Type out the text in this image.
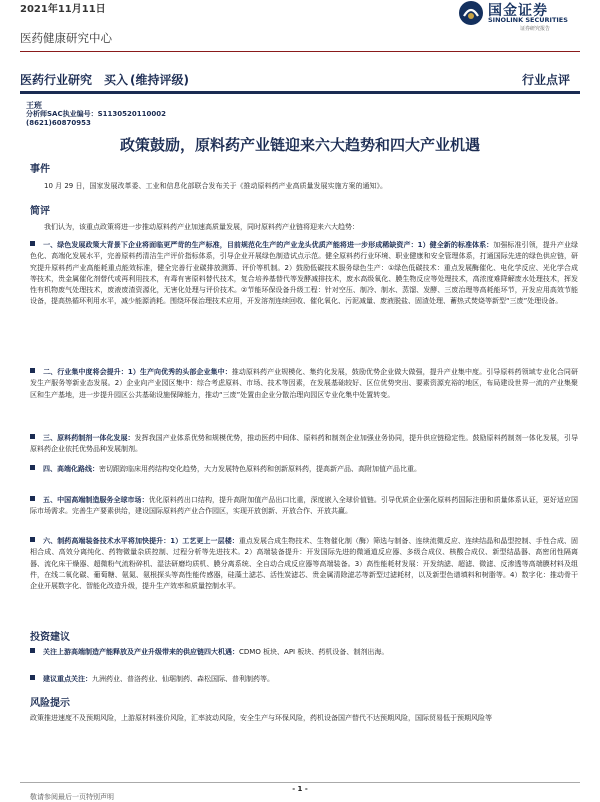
2021年11月11日	国金证券
SINOLINK SECURITIES
证券研究报告
医药健康研究中心
医药行业研究 买入 (维持评级)	行业点评
王班
分析师SAC执业编号：S1130520110002
(8621)60870953
政策鼓励，原料药产业链迎来六大趋势和四大产业机遇
事件
10 月 29 日，国家发展改革委、工业和信息化部联合发布关于《推动原料药产业高质量发展实施方案的通知》。
简评
我们认为，该重点政策将进一步推动原料药产业加速高质量发展，同时原料药产业链将迎来六大趋势：
一、绿色发展政策大背景下企业将面临更严苛的生产标准，目前规范化生产的产业龙头优质产能将进一步形成稀缺资产：1）健全新的标准体系：加强标准引领，提升产业绿色化、高端化发展水平，完善原料药清洁生产评价指标体系，引导企业开展绿色制造试点示范。健全原料药行业环境、职业健康和安全管理体系，打通国际先进的绿色供应链，研究提升原料药产业高能耗重点能效标准，健全完善行业碳排放测算、评价等机制。2）鼓励低碳技术服务绿色生产：①绿色低碳技术：重点发展酶催化、电化学反应、光化学合成等技术，贵金属催化剂替代或再利用技术，有毒有害原料替代技术，复合培养基替代等发酵减排技术，废水高级氧化、膜生物反应等处理技术，高浓度难降解废水处理技术，挥发性有机物废气处理技术，废液废渣资源化，无害化处理与评价技术。②节能环保设备升级工程：针对空压、制冷、制水、蒸馏、发酵、三废治理等高耗能环节，开发应用高效节能设备，提高热循环利用水平，减少能源消耗。围绕环保治理技术应用，开发溶剂连续回收、催化氧化、污泥减量、废液脱盐、固渣处理、蓄热式焚烧等新型“三废”处理设备。
二、行业集中度将会提升：1）生产向优秀的头部企业集中：推动原料药产业规模化、集约化发展，鼓励优势企业做大做强，提升产业集中度。引导原料药领域专业化合同研发生产服务等新业态发展。2）企业向产业园区集中：综合考虑原料、市场、技术等因素，在发展基础较好、区位优势突出、要素资源充裕的地区，布局建设世界一流的产业集聚区和生产基地，进一步提升园区公共基础设施保障能力，推动“三废”处置由企业分散治理向园区专业化集中处置转变。
三、原料药制剂一体化发展：发挥我国产业体系优势和规模优势，推动医药中间体、原料药和制剂企业加强业务协同，提升供应链稳定性。鼓励原料药制剂一体化发展，引导原料药企业依托优势品种发展制剂。
四、高端化路线：密切跟踪临床用药结构变化趋势，大力发展特色原料药和创新原料药，提高新产品、高附加值产品比重。
五、中国高端制造服务全球市场：优化原料药出口结构，提升高附加值产品出口比重，深度嵌入全球价值链。引导优质企业强化原料药国际注册和质量体系认证，更好适应国际市场需求。完善生产要素供给，建设国际原料药产业合作园区，实现开放创新、开放合作、开放共赢。
六、制药高端装备技术水平将加快提升：1）工艺更上一层楼：重点发展合成生物技术、生物催化制（酶）筛选与制备、连续流微反应、连续结晶和晶型控制、手性合成、固相合成、高效分离纯化、药物微量杂质控制、过程分析等先进技术。2）高端装备提升：开发国际先进的微通道反应器、多级合成仪、核酸合成仪、新型结晶器、高密闭性隔离器、流化床干燥器、超微粉气流粉碎机、湿法研磨均质机、膜分离系统、全自动合成反应器等高端装备。3）高性能耗材发展：开发纳滤、超滤、微滤、反渗透等高端膜材料及组件，在线二氧化碳、葡萄糖、氨氮、氨根探头等高性能传感器，硅藻土滤芯、活性炭滤芯、贵金属清除滤芯等新型过滤耗材，以及新型色谱填料和树脂等。4）数字化：推动骨干企业开展数字化、智能化改造升级，提升生产效率和质量控制水平。
投资建议
关注上游高端制造产能释放及产业升级带来的供应链四大机遇：CDMO 板块、API 板块、药机设备、制剂出海。
建议重点关注：九洲药业、普洛药业、仙琚制药、森松国际、普利制药等。
风险提示
政策推进速度不及预期风险，上游原材料涨价风险，汇率波动风险，安全生产与环保风险，药机设备国产替代不达预期风险，国际贸易低于预期风险等
- 1 -
敬请参阅最后一页特别声明
